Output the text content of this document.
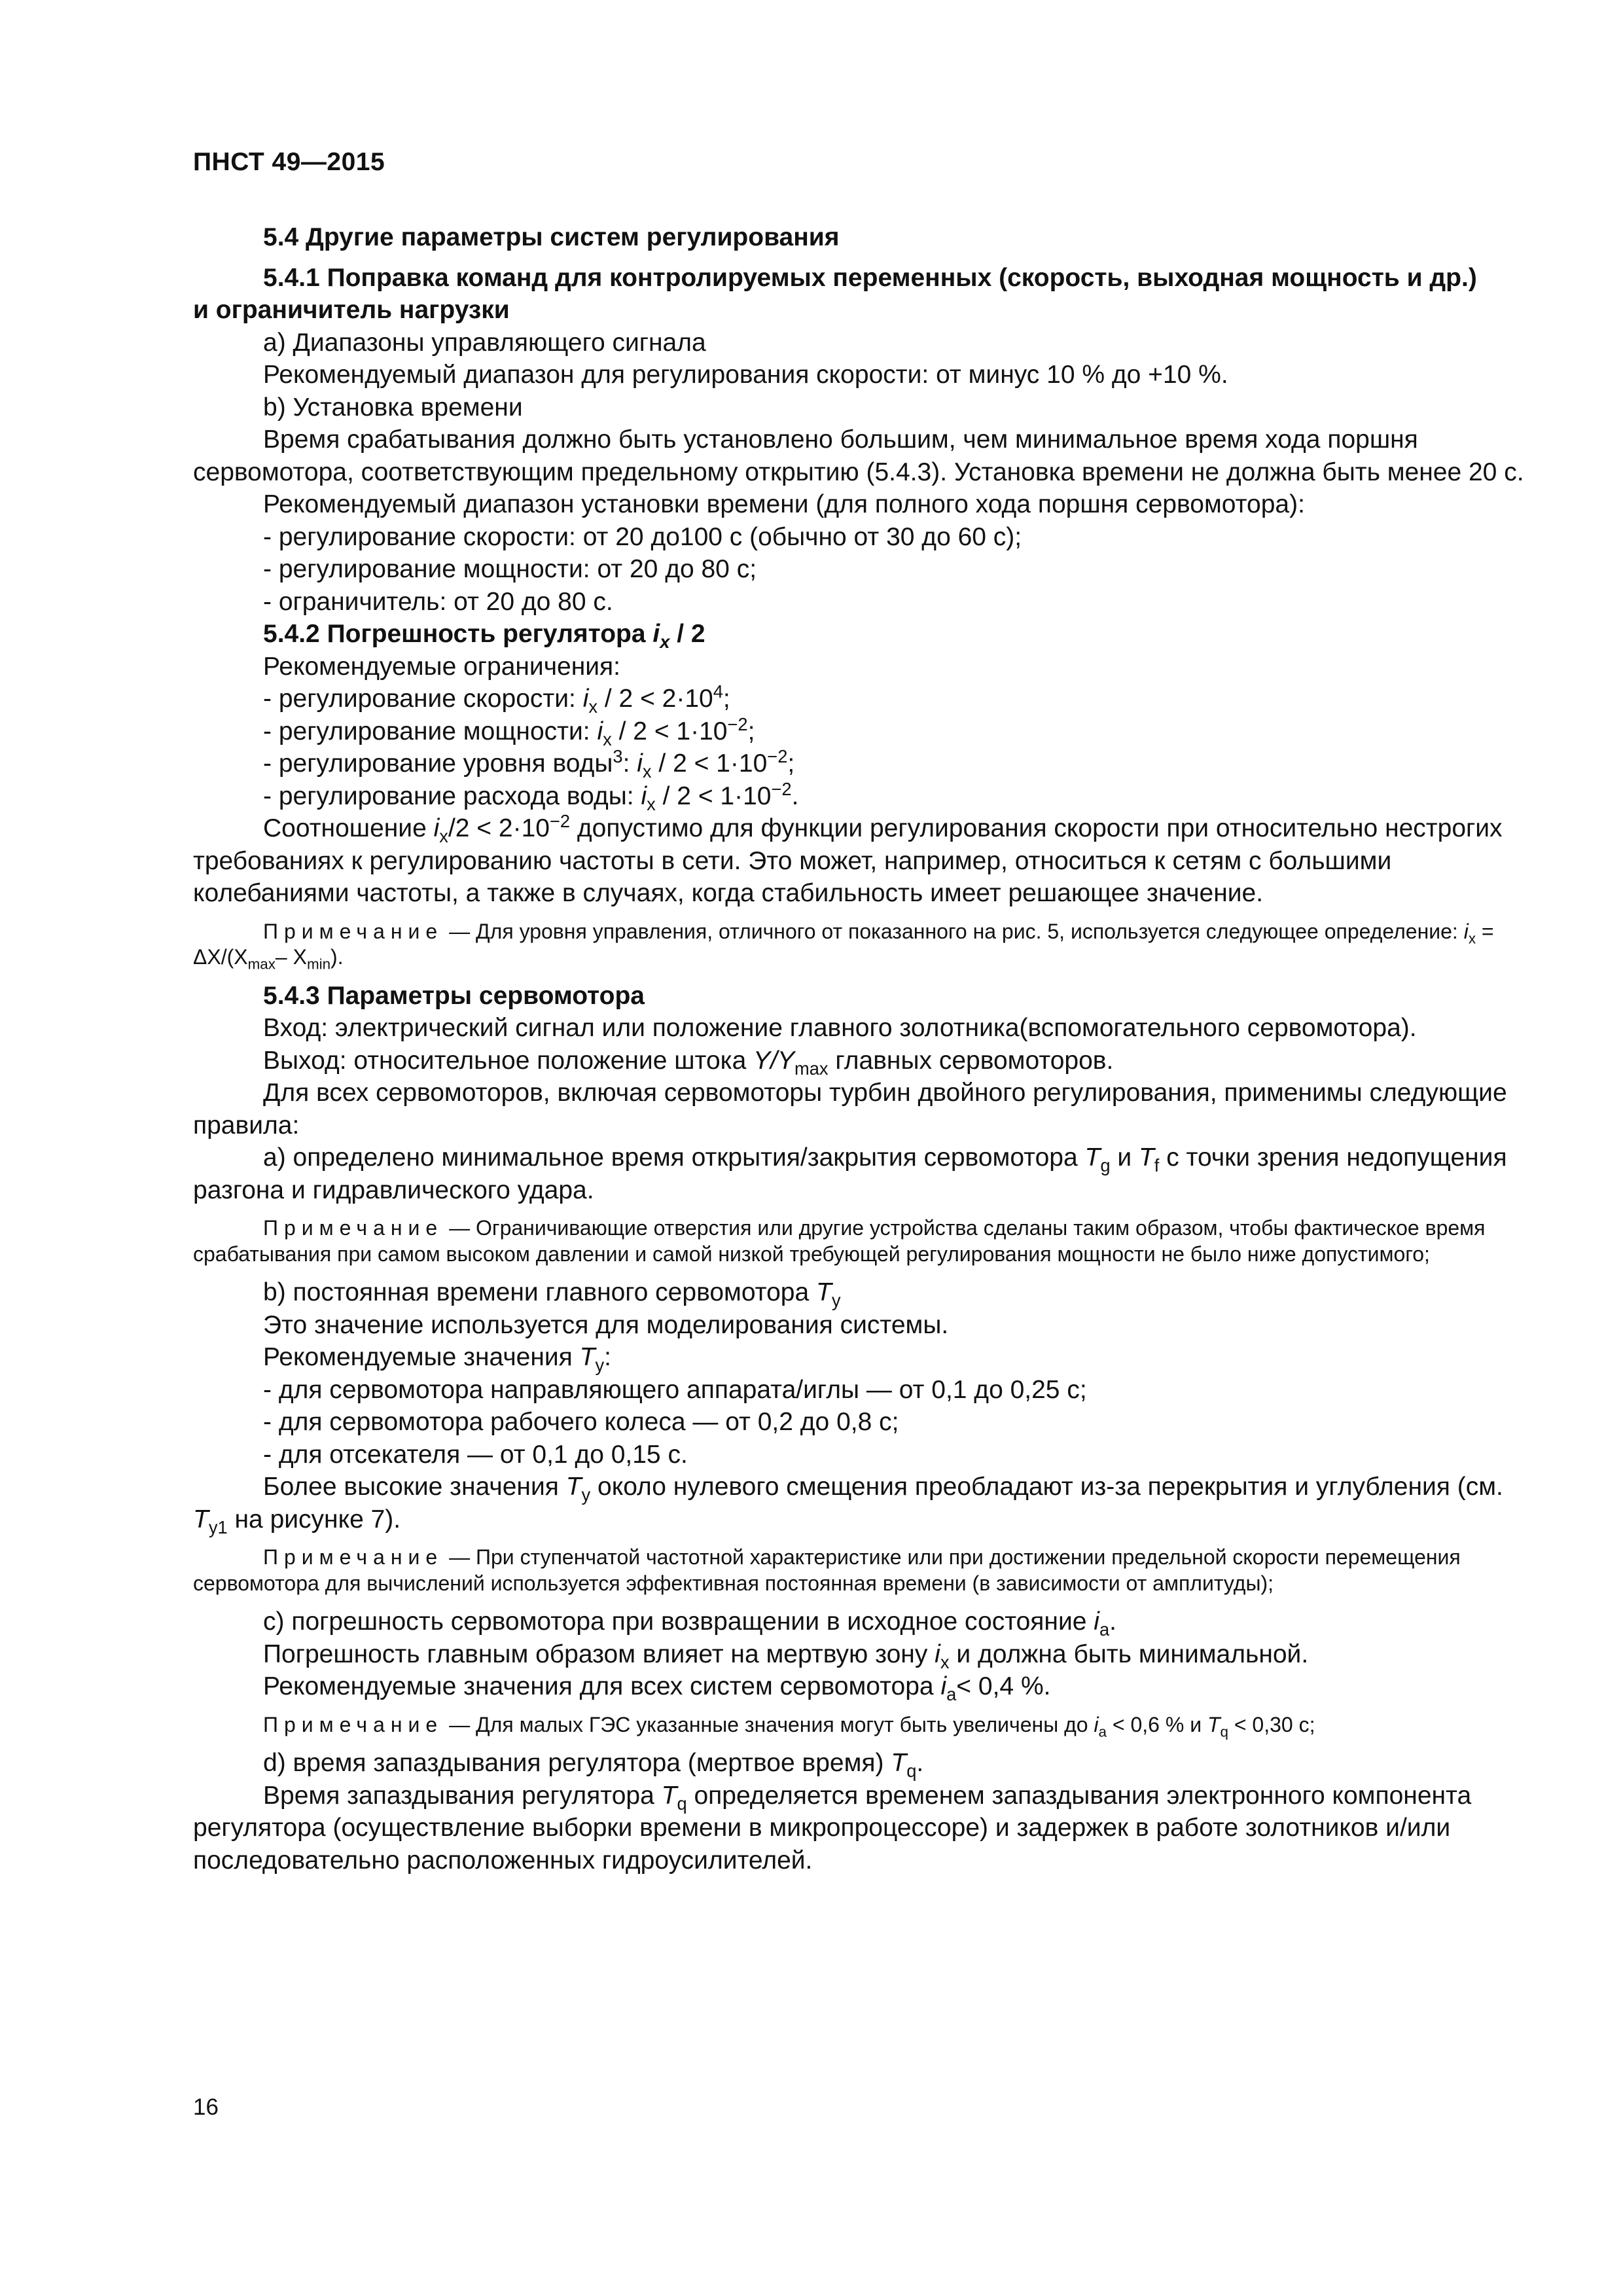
ПНСТ 49—2015

5.4 Другие параметры систем регулирования

5.4.1 Поправка команд для контролируемых переменных (скорость, выходная мощность и др.)
и ограничитель нагрузки

а) Диапазоны управляющего сигнала

Рекомендуемый диапазон для регулирования скорости: от минус 10 % до +10 %.

b) Установка времени

Время срабатывания должно быть установлено большим, чем минимальное время хода поршня сервомотора, соответствующим предельному открытию (5.4.3). Установка времени не должна быть менее 20 с.

Рекомендуемый диапазон установки времени (для полного хода поршня сервомотора):

- регулирование скорости: от 20 до100 с (обычно от 30 до 60 с);

- регулирование мощности: от 20 до 80 с;

- ограничитель: от 20 до 80 с.

5.4.2 Погрешность регулятора $i_x / 2$

Рекомендуемые ограничения:

- регулирование скорости: $i_x / 2 < 2\cdot 10^4$;

- регулирование мощности: $i_x / 2 < 1\cdot 10^{-2}$;

- регулирование уровня воды$^3$: $i_x / 2 < 1\cdot 10^{-2}$;

- регулирование расхода воды: $i_x / 2 < 1\cdot 10^{-2}$.

Соотношение $i_x/2 < 2\cdot 10^{-2}$ допустимо для функции регулирования скорости при относительно нестрогих требованиях к регулированию частоты в сети. Это может, например, относиться к сетям с большими колебаниями частоты, а также в случаях, когда стабильность имеет решающее значение.

Примечание — Для уровня управления, отличного от показанного на рис. 5, используется следующее определение: $i_x = \Delta X/(X_{max}-$ $X_{min}$).

5.4.3 Параметры сервомотора

Вход: электрический сигнал или положение главного золотника(вспомогательного сервомотора).

Выход: относительное положение штока $Y/Y_{max}$ главных сервомоторов.

Для всех сервомоторов, включая сервомоторы турбин двойного регулирования, применимы следующие правила:

а) определено минимальное время открытия/закрытия сервомотора $T_g$ и $T_f$ с точки зрения недопущения разгона и гидравлического удара.

Примечание — Ограничивающие отверстия или другие устройства сделаны таким образом, чтобы фактическое время срабатывания при самом высоком давлении и самой низкой требующей регулирования мощности не было ниже допустимого;

b) постоянная времени главного сервомотора $T_y$

Это значение используется для моделирования системы.

Рекомендуемые значения $T_y$:

- для сервомотора направляющего аппарата/иглы — от 0,1 до 0,25 с;

- для сервомотора рабочего колеса — от 0,2 до 0,8 с;

- для отсекателя — от 0,1 до 0,15 с.

Более высокие значения $T_y$ около нулевого смещения преобладают из-за перекрытия и углубления (см. $T_{y1}$ на рисунке 7).

Примечание — При ступенчатой частотной характеристике или при достижении предельной скорости перемещения сервомотора для вычислений используется эффективная постоянная времени (в зависимости от амплитуды);

с) погрешность сервомотора при возвращении в исходное состояние $i_a$.

Погрешность главным образом влияет на мертвую зону $i_x$ и должна быть минимальной.

Рекомендуемые значения для всех систем сервомотора $i_a< 0,4$ %.

Примечание — Для малых ГЭС указанные значения могут быть увеличены до $i_a < 0,6$ % и $T_q < 0,30$ с;

d) время запаздывания регулятора (мертвое время) $T_q$.

Время запаздывания регулятора $T_q$ определяется временем запаздывания электронного компонента регулятора (осуществление выборки времени в микропроцессоре) и задержек в работе золотников и/или последовательно расположенных гидроусилителей.

16
